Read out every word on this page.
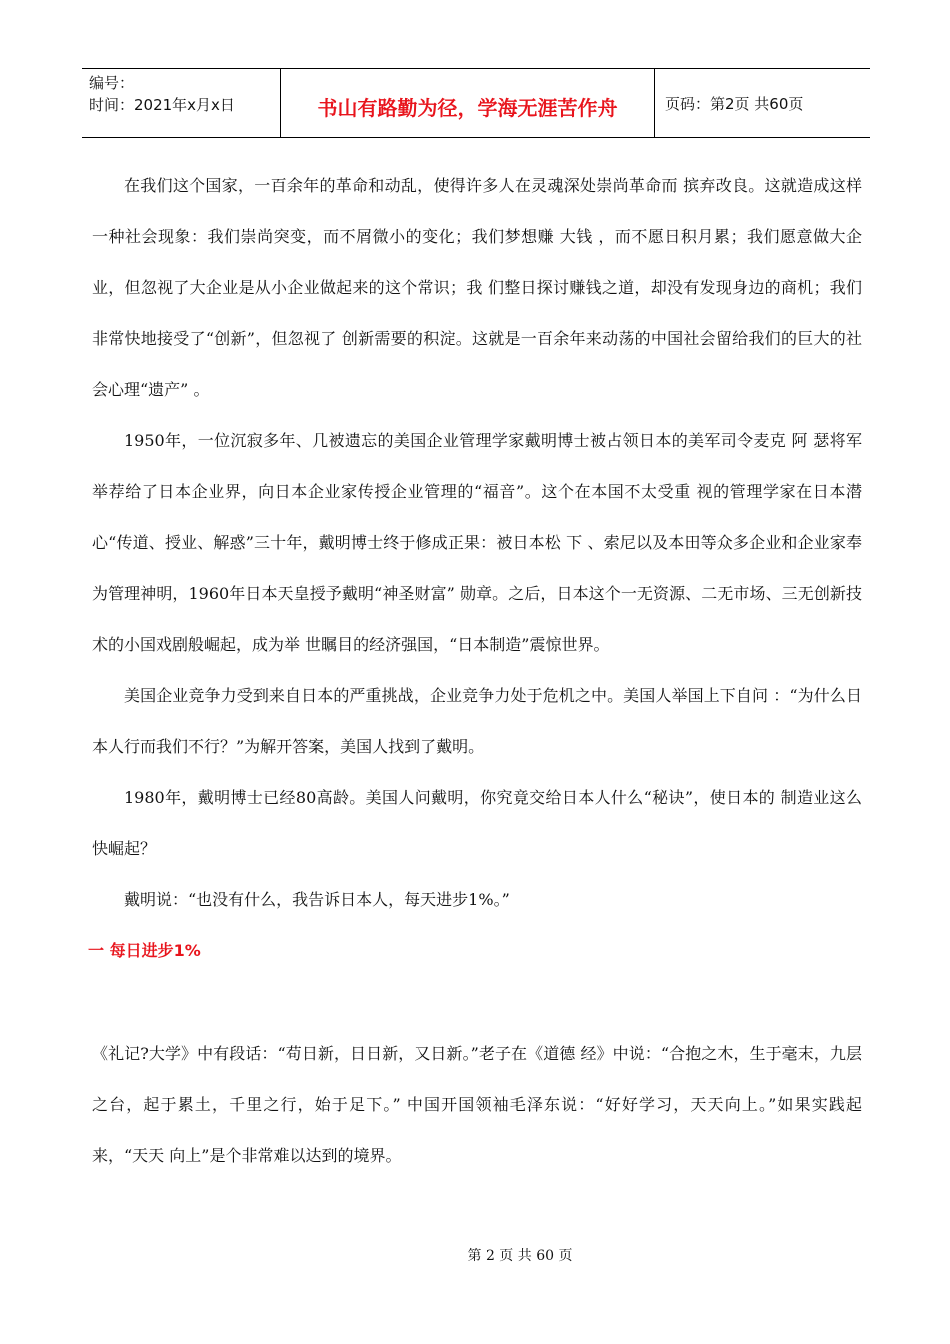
编号：
时间：2021年x月x日	书山有路勤为径，学海无涯苦作舟	页码：第2页 共60页

在我们这个国家，一百余年的革命和动乱，使得许多人在灵魂深处崇尚革命而 摈弃改良。这就造成这样一种社会现象：我们崇尚突变，而不屑微小的变化；我们梦想赚 大钱 ，而不愿日积月累；我们愿意做大企业，但忽视了大企业是从小企业做起来的这个常识；我 们整日探讨赚钱之道，却没有发现身边的商机；我们非常快地接受了“创新”，但忽视了 创新需要的积淀。这就是一百余年来动荡的中国社会留给我们的巨大的社会心理“遗产” 。

1950年，一位沉寂多年、几被遗忘的美国企业管理学家戴明博士被占领日本的美军司令麦克 阿 瑟将军举荐给了日本企业界，向日本企业家传授企业管理的“福音”。这个在本国不太受重 视的管理学家在日本潜心“传道、授业、解惑”三十年，戴明博士终于修成正果：被日本松 下 、索尼以及本田等众多企业和企业家奉为管理神明，1960年日本天皇授予戴明“神圣财富” 勋章。之后，日本这个一无资源、二无市场、三无创新技术的小国戏剧般崛起，成为举 世瞩目的经济强国，“日本制造”震惊世界。

美国企业竞争力受到来自日本的严重挑战，企业竞争力处于危机之中。美国人举国上下自问 ：“为什么日本人行而我们不行？”为解开答案，美国人找到了戴明。

1980年，戴明博士已经80高龄。美国人问戴明，你究竟交给日本人什么“秘诀”，使日本的 制造业这么快崛起？

戴明说：“也没有什么，我告诉日本人，每天进步1%。”

一 每日进步1%

《礼记?大学》中有段话：“苟日新，日日新，又日新。”老子在《道德 经》中说：“合抱之木，生于毫末，九层之台，起于累土，千里之行，始于足下。” 中国开国领袖毛泽东说：“好好学习，天天向上。”如果实践起来，“天天 向上”是个非常难以达到的境界。

第 2 页 共 60 页
